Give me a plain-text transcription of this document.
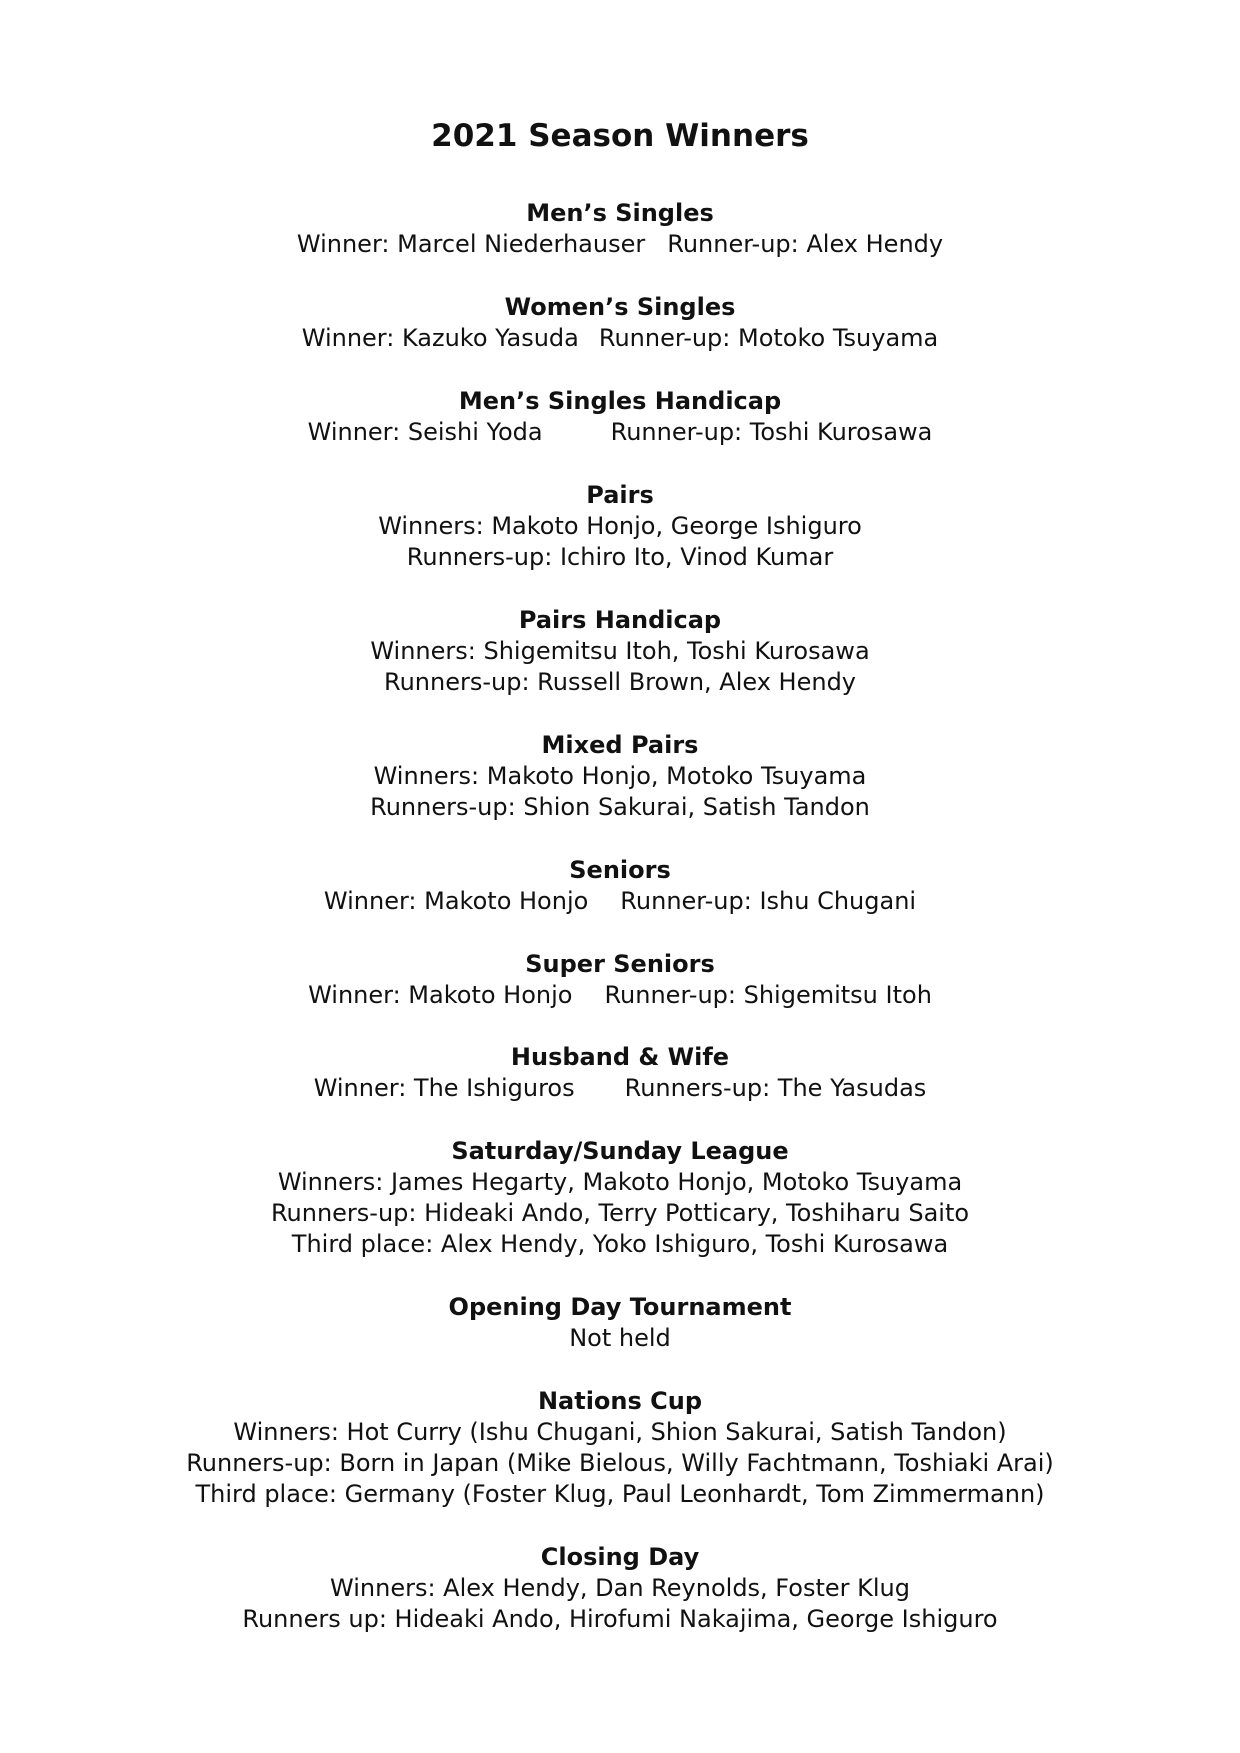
2021 Season Winners
Men’s Singles
Winner: Marcel Niederhauser Runner-up: Alex Hendy
Women’s Singles
Winner: Kazuko Yasuda Runner-up: Motoko Tsuyama
Men’s Singles Handicap
Winner: Seishi Yoda	Runner-up: Toshi Kurosawa
Pairs
Winners: Makoto Honjo, George Ishiguro
Runners-up: Ichiro Ito, Vinod Kumar
Pairs Handicap
Winners: Shigemitsu Itoh, Toshi Kurosawa
Runners-up: Russell Brown, Alex Hendy
Mixed Pairs
Winners: Makoto Honjo, Motoko Tsuyama
Runners-up: Shion Sakurai, Satish Tandon
Seniors
Winner: Makoto Honjo Runner-up: Ishu Chugani
Super Seniors
Winner: Makoto Honjo Runner-up: Shigemitsu Itoh
Husband & Wife
Winner: The Ishiguros Runners-up: The Yasudas
Saturday/Sunday League
Winners: James Hegarty, Makoto Honjo, Motoko Tsuyama
Runners-up: Hideaki Ando, Terry Potticary, Toshiharu Saito
Third place: Alex Hendy, Yoko Ishiguro, Toshi Kurosawa
Opening Day Tournament
Not held
Nations Cup
Winners: Hot Curry (Ishu Chugani, Shion Sakurai, Satish Tandon)
Runners-up: Born in Japan (Mike Bielous, Willy Fachtmann, Toshiaki Arai)
Third place: Germany (Foster Klug, Paul Leonhardt, Tom Zimmermann)
Closing Day
Winners: Alex Hendy, Dan Reynolds, Foster Klug
Runners up: Hideaki Ando, Hirofumi Nakajima, George Ishiguro
